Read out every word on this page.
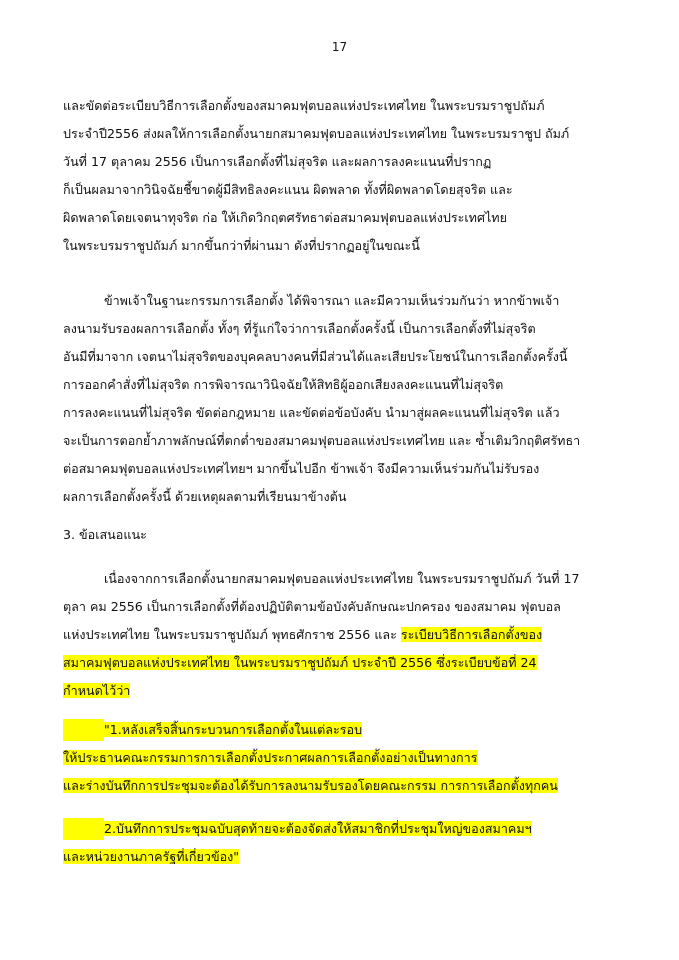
17
และขัดต่อระเบียบวิธีการเลือกตั้งของสมาคมฟุตบอลแห่งประเทศไทย ในพระบรมราชูปถัมภ์
ประจำปี2556 ส่งผลให้การเลือกตั้งนายกสมาคมฟุตบอลแห่งประเทศไทย ในพระบรมราชูป ถัมภ์
วันที่ 17 ตุลาคม 2556 เป็นการเลือกตั้งที่ไม่สุจริต และผลการลงคะแนนที่ปรากฏ
ก็เป็นผลมาจากวินิจฉัยชี้ขาดผู้มีสิทธิลงคะแนน ผิดพลาด ทั้งที่ผิดพลาดโดยสุจริต และ
ผิดพลาดโดยเจตนาทุจริต ก่อ ให้เกิดวิกฤตศรัทธาต่อสมาคมฟุตบอลแห่งประเทศไทย
ในพระบรมราชูปถัมภ์ มากขึ้นกว่าที่ผ่านมา ดังที่ปรากฏอยู่ในขณะนี้
ข้าพเจ้าในฐานะกรรมการเลือกตั้ง ได้พิจารณา และมีความเห็นร่วมกันว่า หากข้าพเจ้า
ลงนามรับรองผลการเลือกตั้ง ทั้งๆ ที่รู้แก่ใจว่าการเลือกตั้งครั้งนี้ เป็นการเลือกตั้งที่ไม่สุจริต
อันมีที่มาจาก เจตนาไม่สุจริตของบุคคลบางคนที่มีส่วนได้และเสียประโยชน์ในการเลือกตั้งครั้งนี้
การออกคำสั่งที่ไม่สุจริต การพิจารณาวินิจฉัยให้สิทธิผู้ออกเสียงลงคะแนนที่ไม่สุจริต
การลงคะแนนที่ไม่สุจริต ขัดต่อกฎหมาย และขัดต่อข้อบังคับ นำมาสู่ผลคะแนนที่ไม่สุจริต แล้ว
จะเป็นการตอกย้ำภาพลักษณ์ที่ตกต่ำของสมาคมฟุตบอลแห่งประเทศไทย และ ซ้ำเติมวิกฤติศรัทธา
ต่อสมาคมฟุตบอลแห่งประเทศไทยฯ มากขึ้นไปอีก ข้าพเจ้า จึงมีความเห็นร่วมกันไม่รับรอง
ผลการเลือกตั้งครั้งนี้ ด้วยเหตุผลตามที่เรียนมาข้างต้น
3. ข้อเสนอแนะ
เนื่องจากการเลือกตั้งนายกสมาคมฟุตบอลแห่งประเทศไทย ในพระบรมราชูปถัมภ์ วันที่ 17
ตุลา คม 2556 เป็นการเลือกตั้งที่ต้องปฏิบัติตามข้อบังคับลักษณะปกครอง ของสมาคม ฟุตบอล
แห่งประเทศไทย ในพระบรมราชูปถัมภ์ พุทธศักราช 2556 และ ระเบียบวิธีการเลือกตั้งของ
สมาคมฟุตบอลแห่งประเทศไทย ในพระบรมราชูปถัมภ์ ประจำปี 2556 ซึ่งระเบียบข้อที่ 24
กำหนดไว้ว่า
"1.หลังเสร็จสิ้นกระบวนการเลือกตั้งในแต่ละรอบ
ให้ประธานคณะกรรมการการเลือกตั้งประกาศผลการเลือกตั้งอย่างเป็นทางการ
และร่างบันทึกการประชุมจะต้องได้รับการลงนามรับรองโดยคณะกรรม การการเลือกตั้งทุกคน
2.บันทึกการประชุมฉบับสุดท้ายจะต้องจัดส่งให้สมาชิกที่ประชุมใหญ่ของสมาคมฯ
และหน่วยงานภาครัฐที่เกี่ยวข้อง"
